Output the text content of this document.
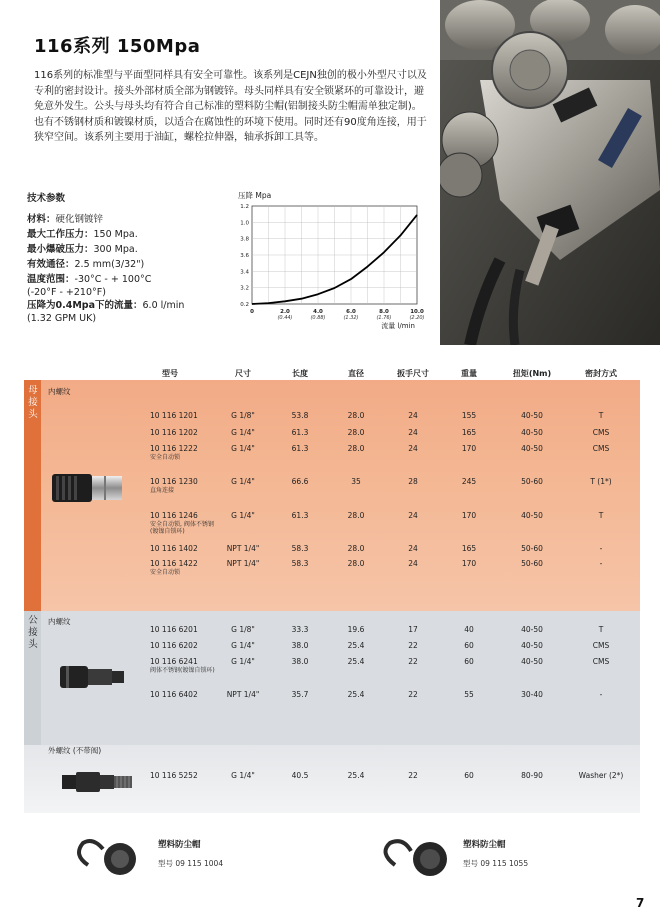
116系列 150Mpa
116系列的标准型与平面型同样具有安全可靠性。该系列是CEJN独创的极小外型尺寸以及专利的密封设计。接头外部材质全部为钢镀锌。母头同样具有安全锁紧环的可靠设计，避免意外发生。公头与母头均有符合自己标准的塑料防尘帽(铝制接头防尘帽需单独定制)。也有不锈钢材质和镀镍材质，以适合在腐蚀性的环境下使用。同时还有90度角连接，用于狭窄空间。该系列主要用于油缸，螺栓拉伸器，轴承拆卸工具等。
技术参数
材料：硬化钢镀锌
最大工作压力：150 Mpa.
最小爆破压力：300 Mpa.
有效通径：2.5 mm(3/32")
温度范围：-30°C - + 100°C
(-20°F - +210°F)
压降为0.4Mpa下的流量：6.0 l/min
(1.32 GPM UK)
压降 Mpa
1.2
1.0
3.8
3.6
3.4
3.2
0.2
0	2.0	4.0	6.0	8.0	10.0
(0.44)	(0.88)	(1.32)	(1.76)	(2.20)
流量 l/min
型号	尺寸	长度	直径	扳手尺寸	重量	扭矩(Nm)	密封方式
母
接
头
内螺纹
公
接
头
内螺纹
外螺纹 (不带阀)
10 116 1201	G 1/8"	53.8	28.0	24	155	40-50	T
10 116 1202	G 1/4"	61.3	28.0	24	165	40-50	CMS
10 116 1222	G 1/4"	61.3	28.0	24	170	40-50	CMS
安全自动锁
10 116 1230	G 1/4"	66.6	35	28	245	50-60	T (1*)
直角连接
10 116 1246	G 1/4"	61.3	28.0	24	170	40-50	T
安全自动锁, 阀体不锈钢
(镀镍自锁环)
10 116 1402	NPT 1/4"	58.3	28.0	24	165	50-60	-
10 116 1422	NPT 1/4"	58.3	28.0	24	170	50-60	-
安全自动锁
10 116 6201	G 1/8"	33.3	19.6	17	40	40-50	T
10 116 6202	G 1/4"	38.0	25.4	22	60	40-50	CMS
10 116 6241	G 1/4"	38.0	25.4	22	60	40-50	CMS
阀体不锈钢(镀镍自锁环)
10 116 6402	NPT 1/4"	35.7	25.4	22	55	30-40	-
10 116 5252	G 1/4"	40.5	25.4	22	60	80-90	Washer (2*)
塑料防尘帽
型号 09 115 1004
塑料防尘帽
型号 09 115 1055
7
